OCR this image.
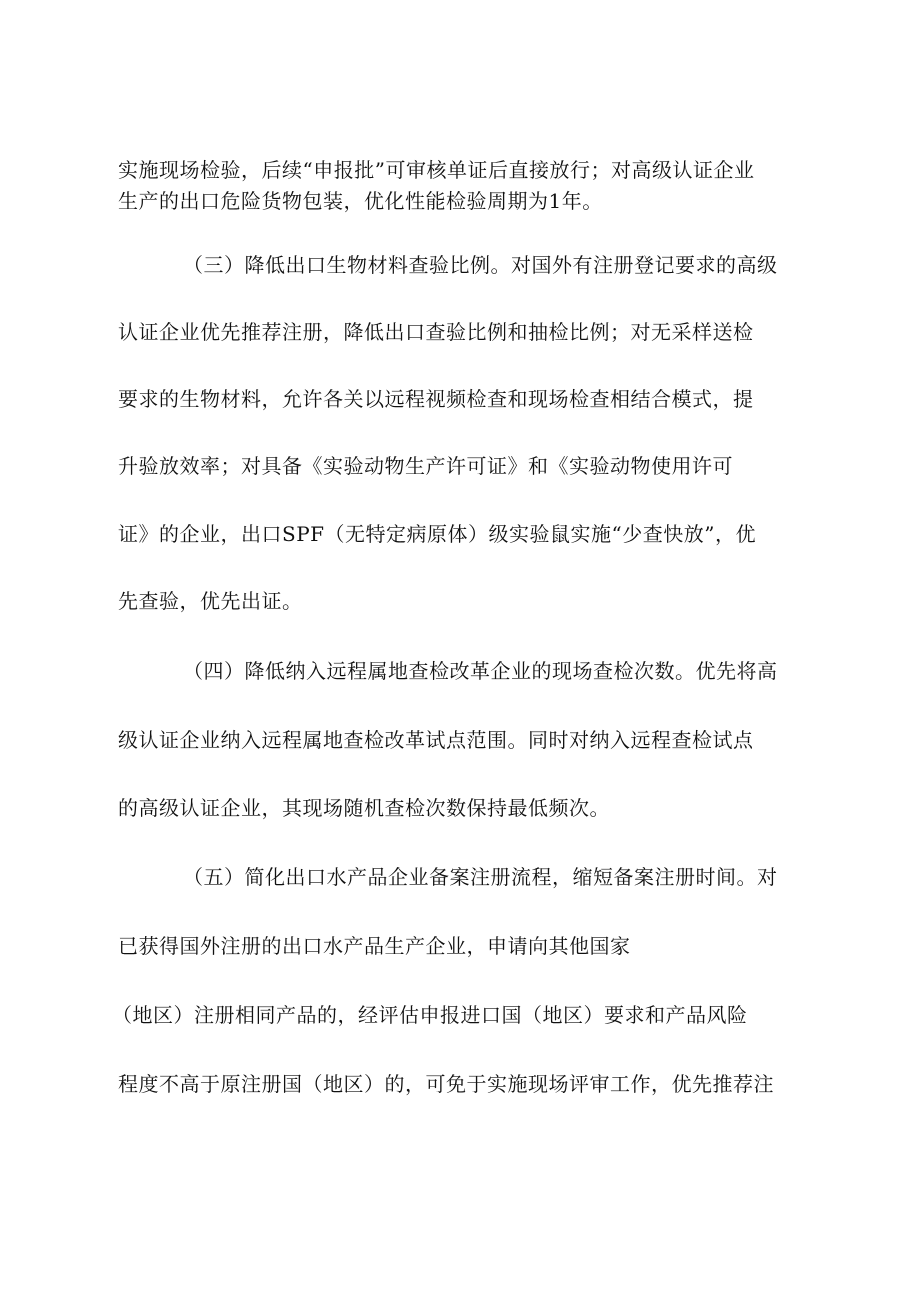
实施现场检验，后续“申报批”可审核单证后直接放行；对高级认证企业
生产的出口危险货物包装，优化性能检验周期为1年。
（三）降低出口生物材料查验比例。对国外有注册登记要求的高级
认证企业优先推荐注册，降低出口查验比例和抽检比例；对无采样送检
要求的生物材料，允许各关以远程视频检查和现场检查相结合模式，提
升验放效率；对具备《实验动物生产许可证》和《实验动物使用许可
证》的企业，出口SPF（无特定病原体）级实验鼠实施“少查快放”，优
先查验，优先出证。
（四）降低纳入远程属地查检改革企业的现场查检次数。优先将高
级认证企业纳入远程属地查检改革试点范围。同时对纳入远程查检试点
的高级认证企业，其现场随机查检次数保持最低频次。
（五）简化出口水产品企业备案注册流程，缩短备案注册时间。对
已获得国外注册的出口水产品生产企业，申请向其他国家
（地区）注册相同产品的，经评估申报进口国（地区）要求和产品风险
程度不高于原注册国（地区）的，可免于实施现场评审工作，优先推荐注
